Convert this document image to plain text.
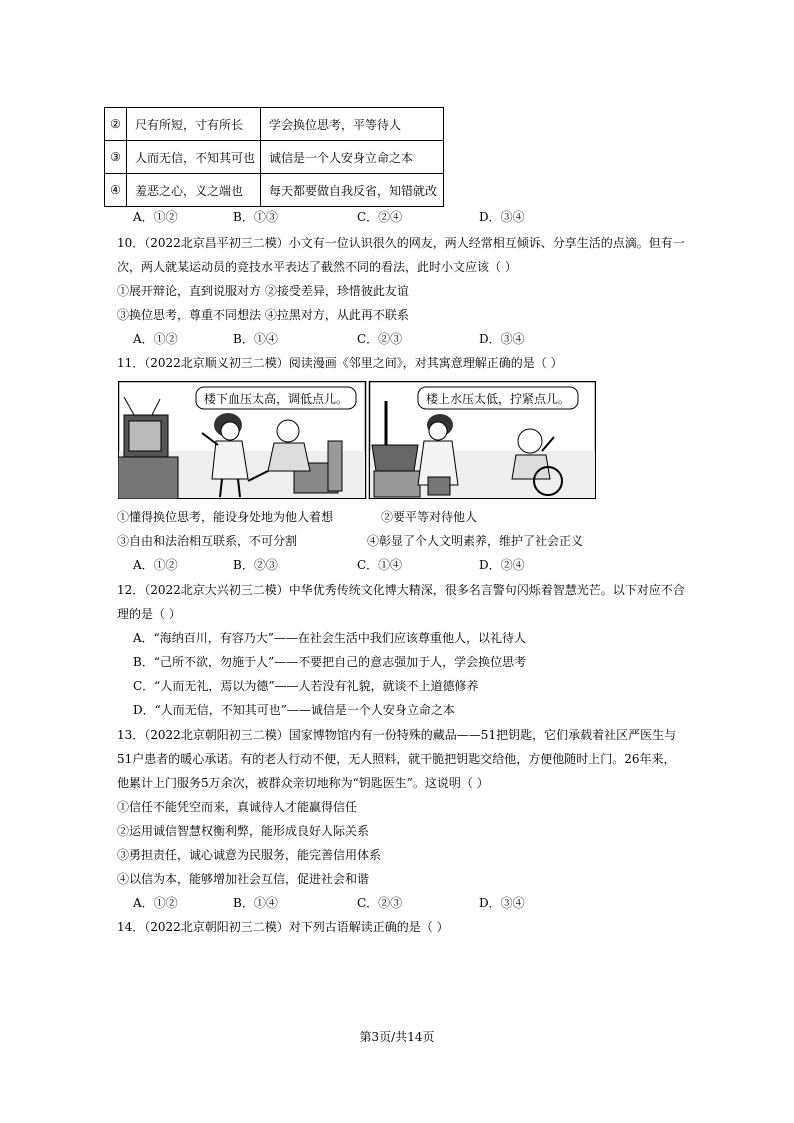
②	尺有所短，寸有所长	学会换位思考，平等待人
③	人而无信，不知其可也	诚信是一个人安身立命之本
④	羞恶之心，义之端也	每天都要做自我反省，知错就改
A．①②	B．①③	C．②④	D．③④
10．（2022北京昌平初三二模）小文有一位认识很久的网友，两人经常相互倾诉、分享生活的点滴。但有一
次，两人就某运动员的竞技水平表达了截然不同的看法，此时小文应该（ ）
①展开辩论，直到说服对方 ②接受差异，珍惜彼此友谊
③换位思考，尊重不同想法 ④拉黑对方，从此再不联系
A．①②	B．①④	C．②③	D．③④
11．（2022北京顺义初三二模）阅读漫画《邻里之间》，对其寓意理解正确的是（ ）
楼下血压太高，调低点儿。	楼上水压太低，拧紧点儿。
①懂得换位思考，能设身处地为他人着想	②要平等对待他人
③自由和法治相互联系，不可分割	④彰显了个人文明素养，维护了社会正义
A．①②	B．②③	C．①④	D．②④
12．（2022北京大兴初三二模）中华优秀传统文化博大精深，很多名言警句闪烁着智慧光芒。以下对应不合
理的是（ ）
A．“海纳百川，有容乃大”——在社会生活中我们应该尊重他人，以礼待人
B．“己所不欲，勿施于人”——不要把自己的意志强加于人，学会换位思考
C．“人而无礼，焉以为德”——人若没有礼貌，就谈不上道德修养
D．“人而无信，不知其可也”——诚信是一个人安身立命之本
13．（2022北京朝阳初三二模）国家博物馆内有一份特殊的藏品——51把钥匙，它们承载着社区严医生与
51户患者的暖心承诺。有的老人行动不便，无人照料，就干脆把钥匙交给他，方便他随时上门。26年来，
他累计上门服务5万余次，被群众亲切地称为“钥匙医生”。这说明（ ）
①信任不能凭空而来，真诚待人才能赢得信任
②运用诚信智慧权衡利弊，能形成良好人际关系
③勇担责任，诚心诚意为民服务，能完善信用体系
④以信为本，能够增加社会互信，促进社会和谐
A．①②	B．①④	C．②③	D．③④
14．（2022北京朝阳初三二模）对下列古语解读正确的是（ ）
第3页/共14页
